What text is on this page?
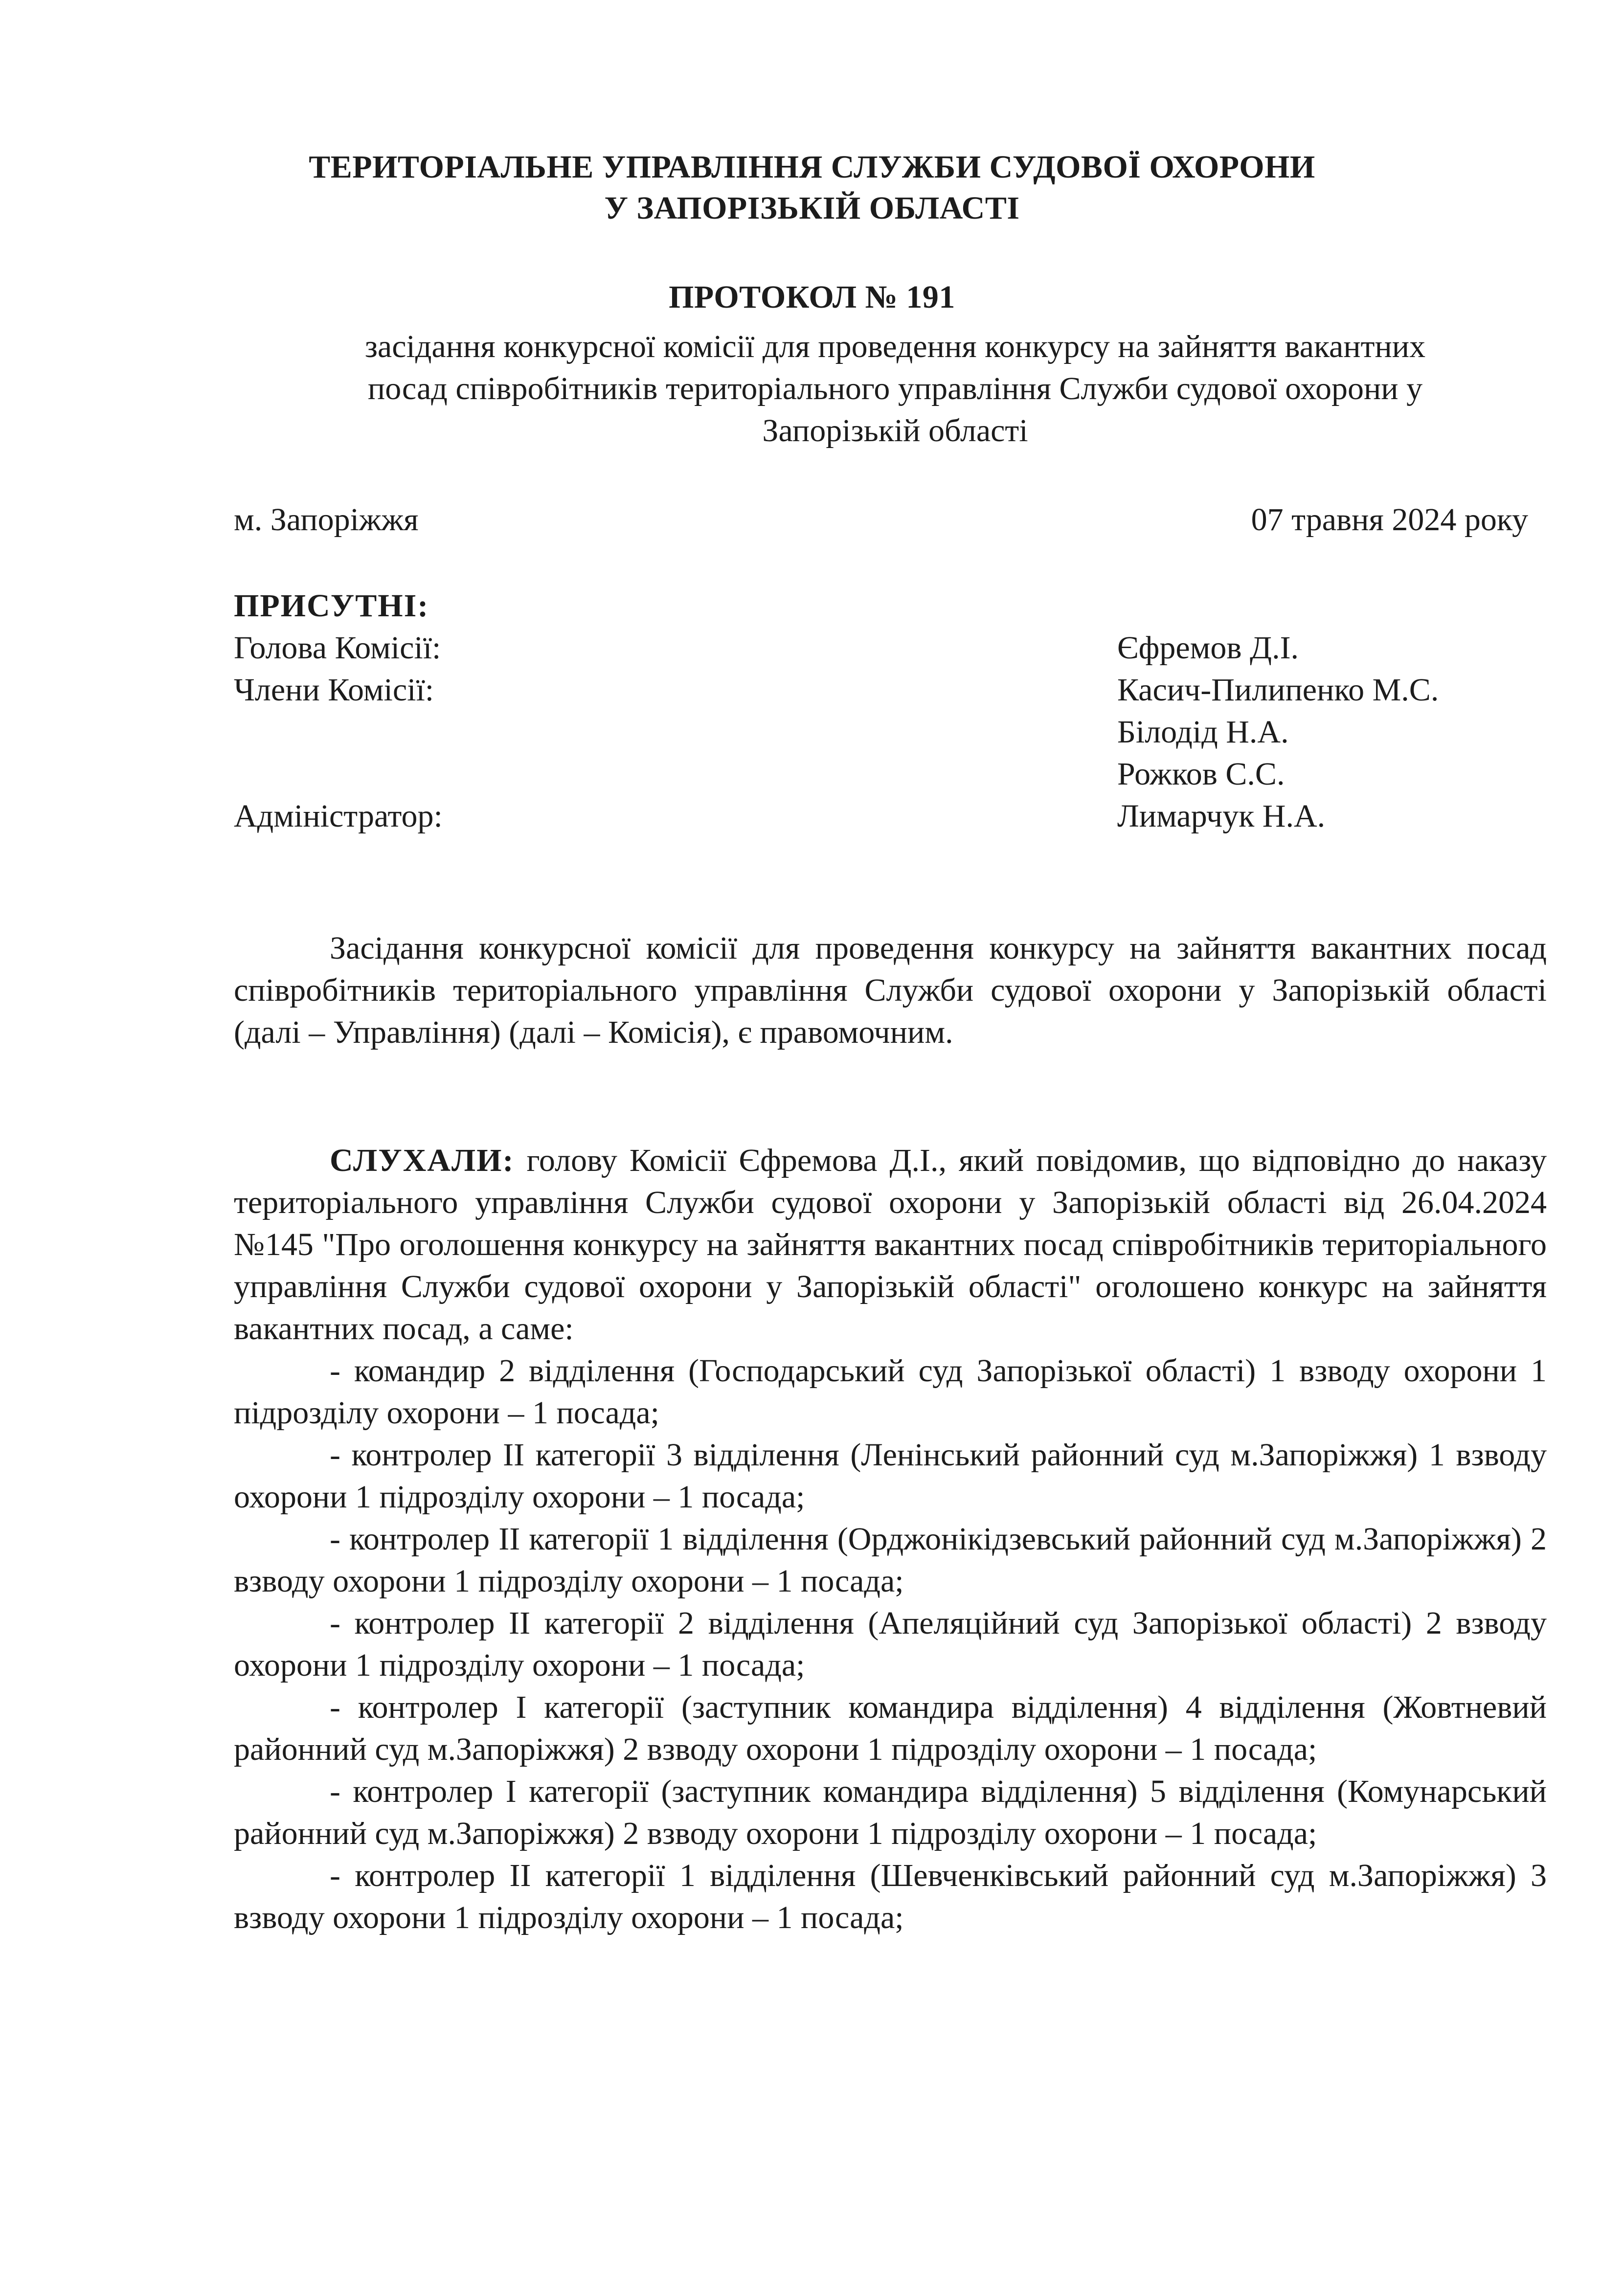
ТЕРИТОРІАЛЬНЕ УПРАВЛІННЯ СЛУЖБИ СУДОВОЇ ОХОРОНИ
У ЗАПОРІЗЬКІЙ ОБЛАСТІ
ПРОТОКОЛ № 191
засідання конкурсної комісії для проведення конкурсу на зайняття вакантних
посад співробітників територіального управління Служби судової охорони у
Запорізькій області
м. Запоріжжя	07 травня 2024 року
ПРИСУТНІ:
Голова Комісії:	Єфремов Д.І.
Члени Комісії:	Касич-Пилипенко М.С.
Білодід Н.А.
Рожков С.С.
Адміністратор:	Лимарчук Н.А.

Засідання конкурсної комісії для проведення конкурсу на зайняття вакантних посад співробітників територіального управління Служби судової охорони у Запорізькій області (далі – Управління) (далі – Комісія), є правомочним.

СЛУХАЛИ: голову Комісії Єфремова Д.І., який повідомив, що відповідно до наказу територіального управління Служби судової охорони у Запорізькій області від 26.04.2024 №145 "Про оголошення конкурсу на зайняття вакантних посад співробітників територіального управління Служби судової охорони у Запорізькій області" оголошено конкурс на зайняття вакантних посад, а саме:

- командир 2 відділення (Господарський суд Запорізької області) 1 взводу охорони 1 підрозділу охорони – 1 посада;

- контролер ІІ категорії 3 відділення (Ленінський районний суд м.Запоріжжя) 1 взводу охорони 1 підрозділу охорони – 1 посада;

- контролер ІІ категорії 1 відділення (Орджонікідзевський районний суд м.Запоріжжя) 2 взводу охорони 1 підрозділу охорони – 1 посада;

- контролер ІІ категорії 2 відділення (Апеляційний суд Запорізької області) 2 взводу охорони 1 підрозділу охорони – 1 посада;

- контролер І категорії (заступник командира відділення) 4 відділення (Жовтневий районний суд м.Запоріжжя) 2 взводу охорони 1 підрозділу охорони – 1 посада;

- контролер І категорії (заступник командира відділення) 5 відділення (Комунарський районний суд м.Запоріжжя) 2 взводу охорони 1 підрозділу охорони – 1 посада;

- контролер ІІ категорії 1 відділення (Шевченківський районний суд м.Запоріжжя) 3 взводу охорони 1 підрозділу охорони – 1 посада;
